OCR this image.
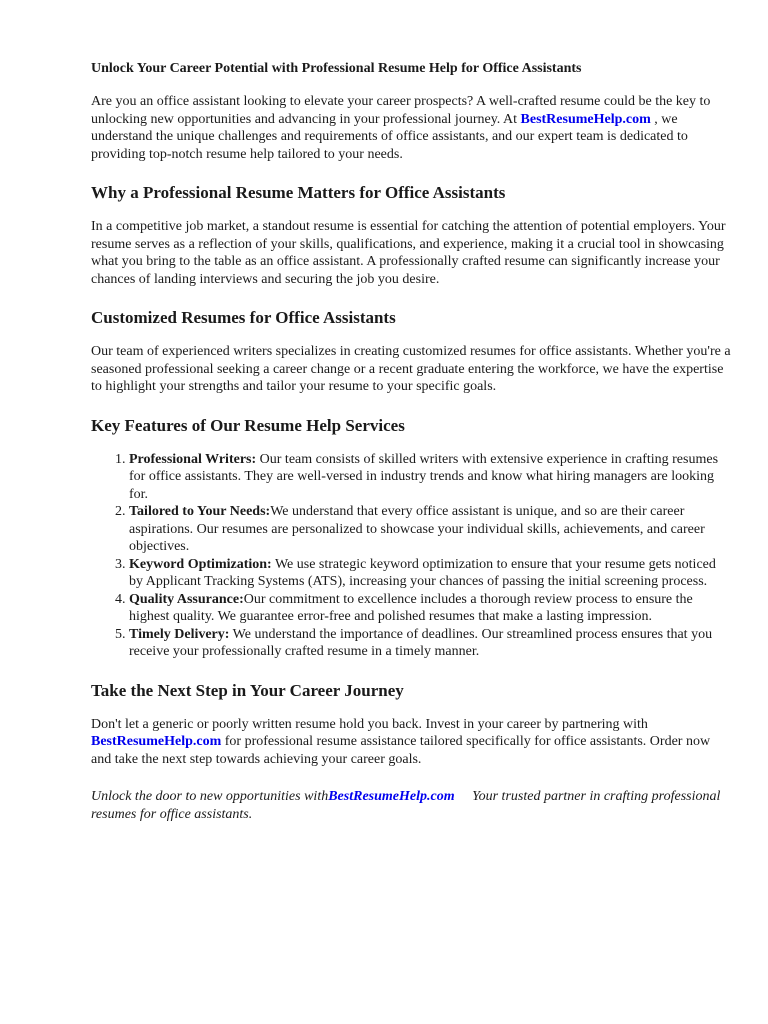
Unlock Your Career Potential with Professional Resume Help for Office Assistants

Are you an office assistant looking to elevate your career prospects? A well-crafted resume could be the key to unlocking new opportunities and advancing in your professional journey. At BestResumeHelp.com , we understand the unique challenges and requirements of office assistants, and our expert team is dedicated to providing top-notch resume help tailored to your needs.

Why a Professional Resume Matters for Office Assistants

In a competitive job market, a standout resume is essential for catching the attention of potential employers. Your resume serves as a reflection of your skills, qualifications, and experience, making it a crucial tool in showcasing what you bring to the table as an office assistant. A professionally crafted resume can significantly increase your chances of landing interviews and securing the job you desire.

Customized Resumes for Office Assistants

Our team of experienced writers specializes in creating customized resumes for office assistants. Whether you're a seasoned professional seeking a career change or a recent graduate entering the workforce, we have the expertise to highlight your strengths and tailor your resume to your specific goals.

Key Features of Our Resume Help Services
1. Professional Writers: Our team consists of skilled writers with extensive experience in crafting resumes for office assistants. They are well-versed in industry trends and know what hiring managers are looking for.
2. Tailored to Your Needs:We understand that every office assistant is unique, and so are their career aspirations. Our resumes are personalized to showcase your individual skills, achievements, and career objectives.
3. Keyword Optimization: We use strategic keyword optimization to ensure that your resume gets noticed by Applicant Tracking Systems (ATS), increasing your chances of passing the initial screening process.
4. Quality Assurance:Our commitment to excellence includes a thorough review process to ensure the highest quality. We guarantee error-free and polished resumes that make a lasting impression.
5. Timely Delivery: We understand the importance of deadlines. Our streamlined process ensures that you receive your professionally crafted resume in a timely manner.
Take the Next Step in Your Career Journey

Don't let a generic or poorly written resume hold you back. Invest in your career by partnering with BestResumeHelp.com for professional resume assistance tailored specifically for office assistants. Order now and take the next step towards achieving your career goals.

Unlock the door to new opportunities withBestResumeHelp.com     Your trusted partner in crafting professional resumes for office assistants.
